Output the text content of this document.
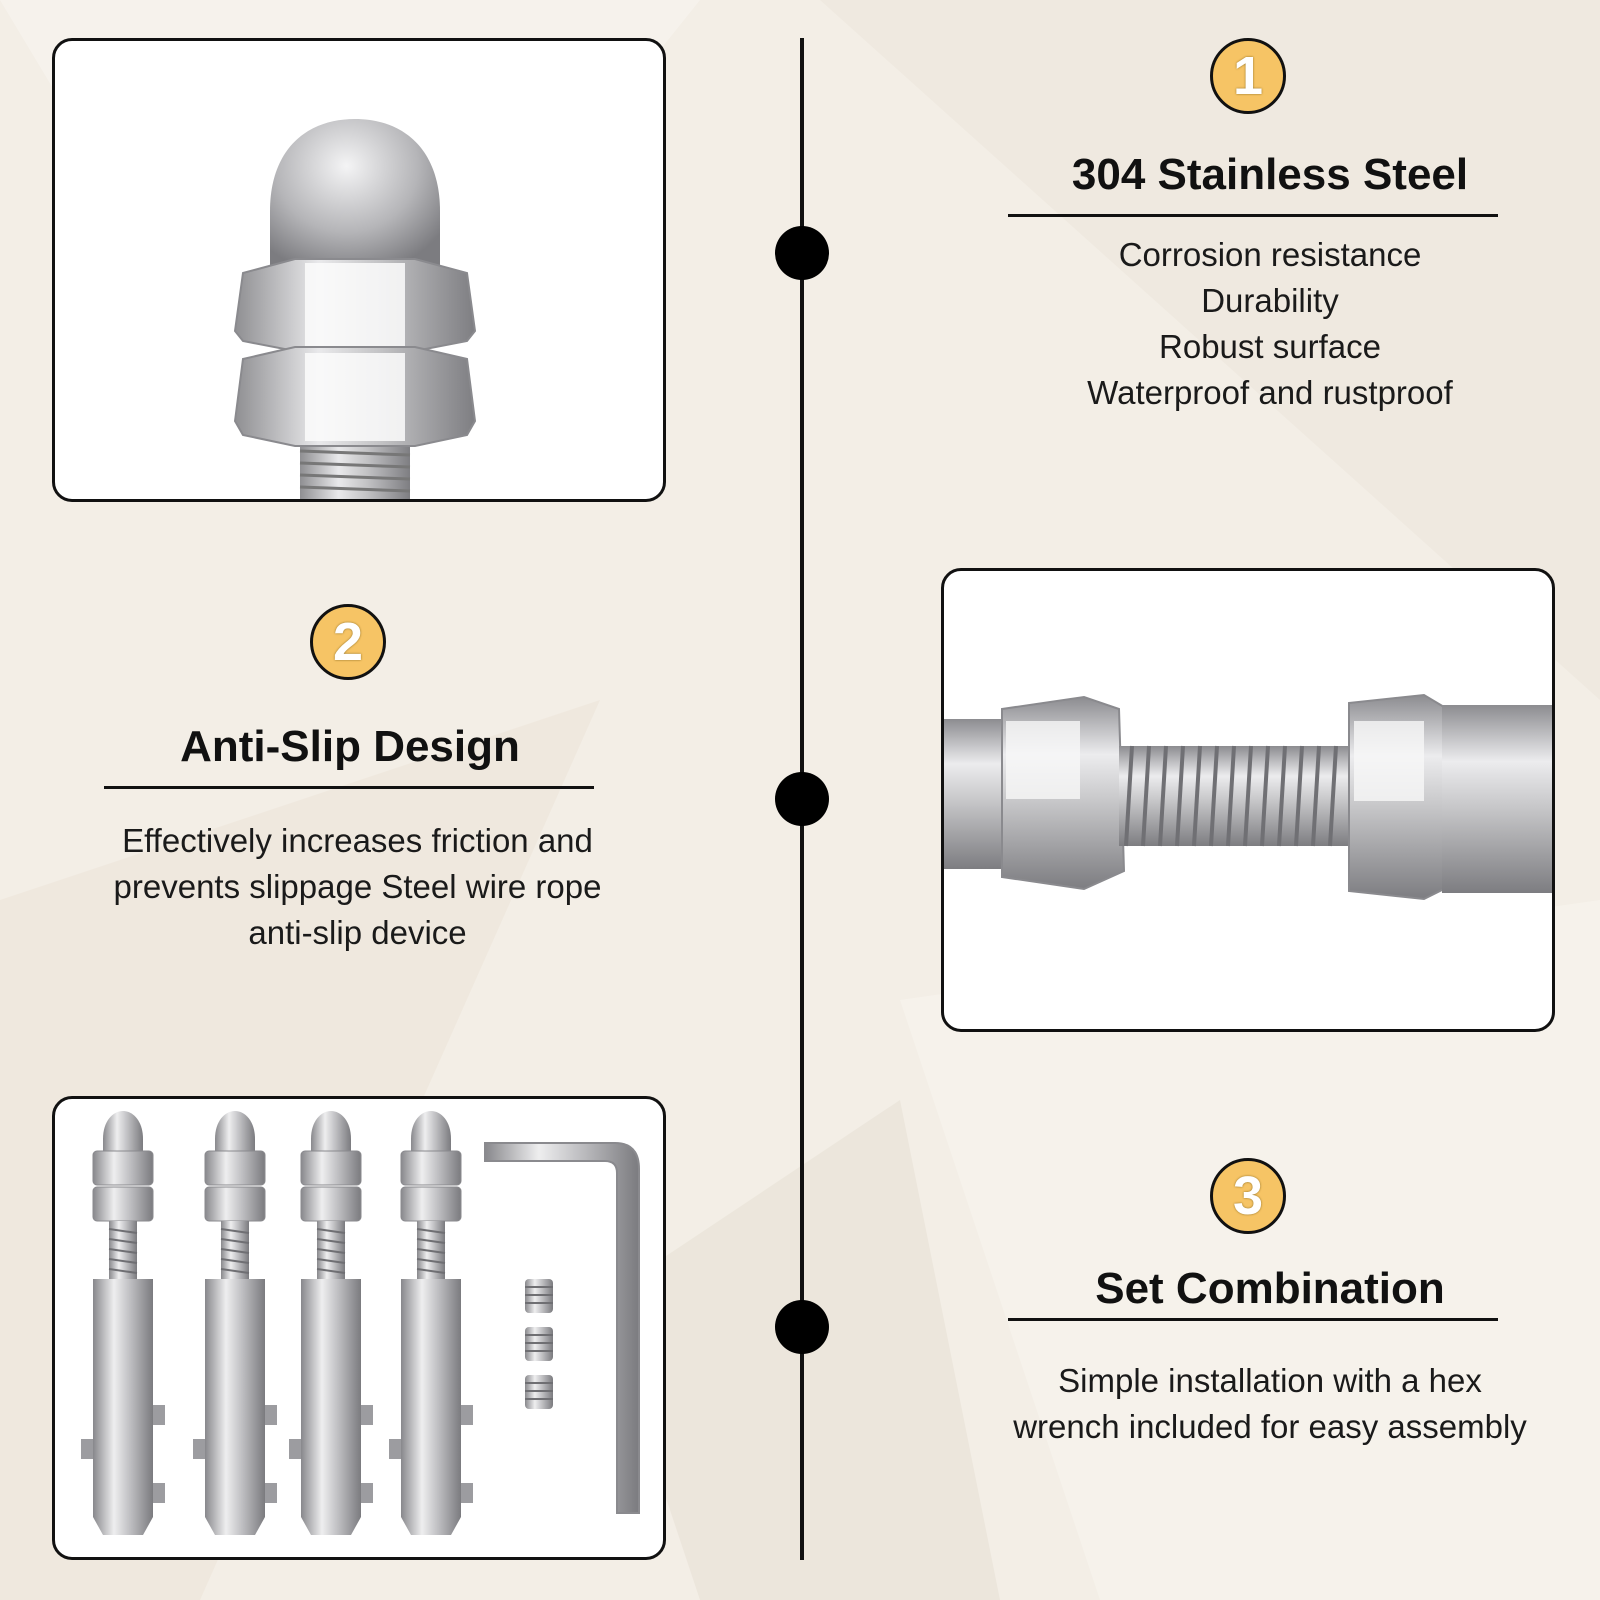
1
304 Stainless Steel
Corrosion resistance
Durability
Robust surface
Waterproof and rustproof
2
Anti-Slip Design
Effectively increases friction and
prevents slippage Steel wire rope
anti-slip device
3
Set Combination
Simple installation with a hex
wrench included for easy assembly
